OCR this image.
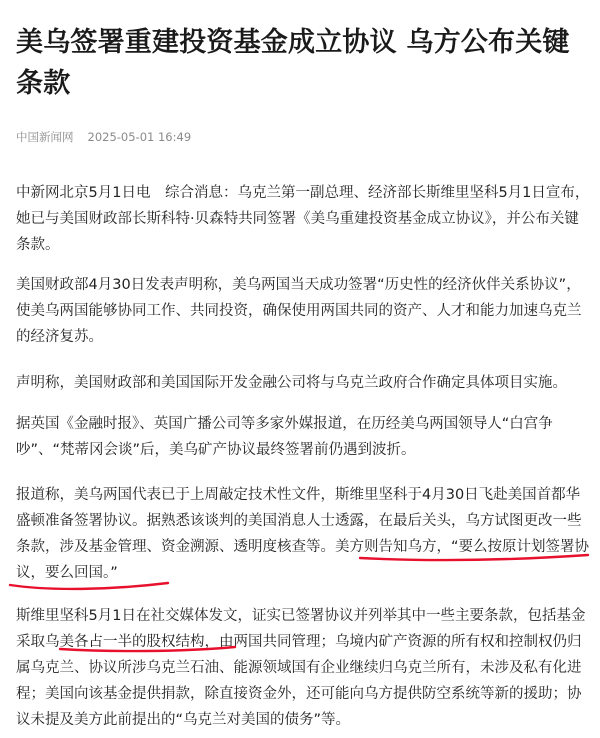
美乌签署重建投资基金成立协议 乌方公布关键条款
中国新闻网 2025-05-01 16:49

中新网北京5月1日电　综合消息：乌克兰第一副总理、经济部长斯维里坚科5月1日宣布，她已与美国财政部长斯科特·贝森特共同签署《美乌重建投资基金成立协议》，并公布关键条款。

美国财政部4月30日发表声明称，美乌两国当天成功签署“历史性的经济伙伴关系协议”，使美乌两国能够协同工作、共同投资，确保使用两国共同的资产、人才和能力加速乌克兰的经济复苏。

声明称，美国财政部和美国国际开发金融公司将与乌克兰政府合作确定具体项目实施。

据英国《金融时报》、英国广播公司等多家外媒报道，在历经美乌两国领导人“白宫争吵”、“梵蒂冈会谈”后，美乌矿产协议最终签署前仍遇到波折。

报道称，美乌两国代表已于上周敲定技术性文件，斯维里坚科于4月30日飞赴美国首都华盛顿准备签署协议。据熟悉该谈判的美国消息人士透露，在最后关头，乌方试图更改一些条款，涉及基金管理、资金溯源、透明度核查等。美方则告知乌方，“要么按原计划签署协议，要么回国。”

斯维里坚科5月1日在社交媒体发文，证实已签署协议并列举其中一些主要条款，包括基金采取乌美各占一半的股权结构，由两国共同管理；乌境内矿产资源的所有权和控制权仍归属乌克兰、协议所涉乌克兰石油、能源领域国有企业继续归乌克兰所有，未涉及私有化进程；美国向该基金提供捐款，除直接资金外，还可能向乌方提供防空系统等新的援助；协议未提及美方此前提出的“乌克兰对美国的债务”等。
